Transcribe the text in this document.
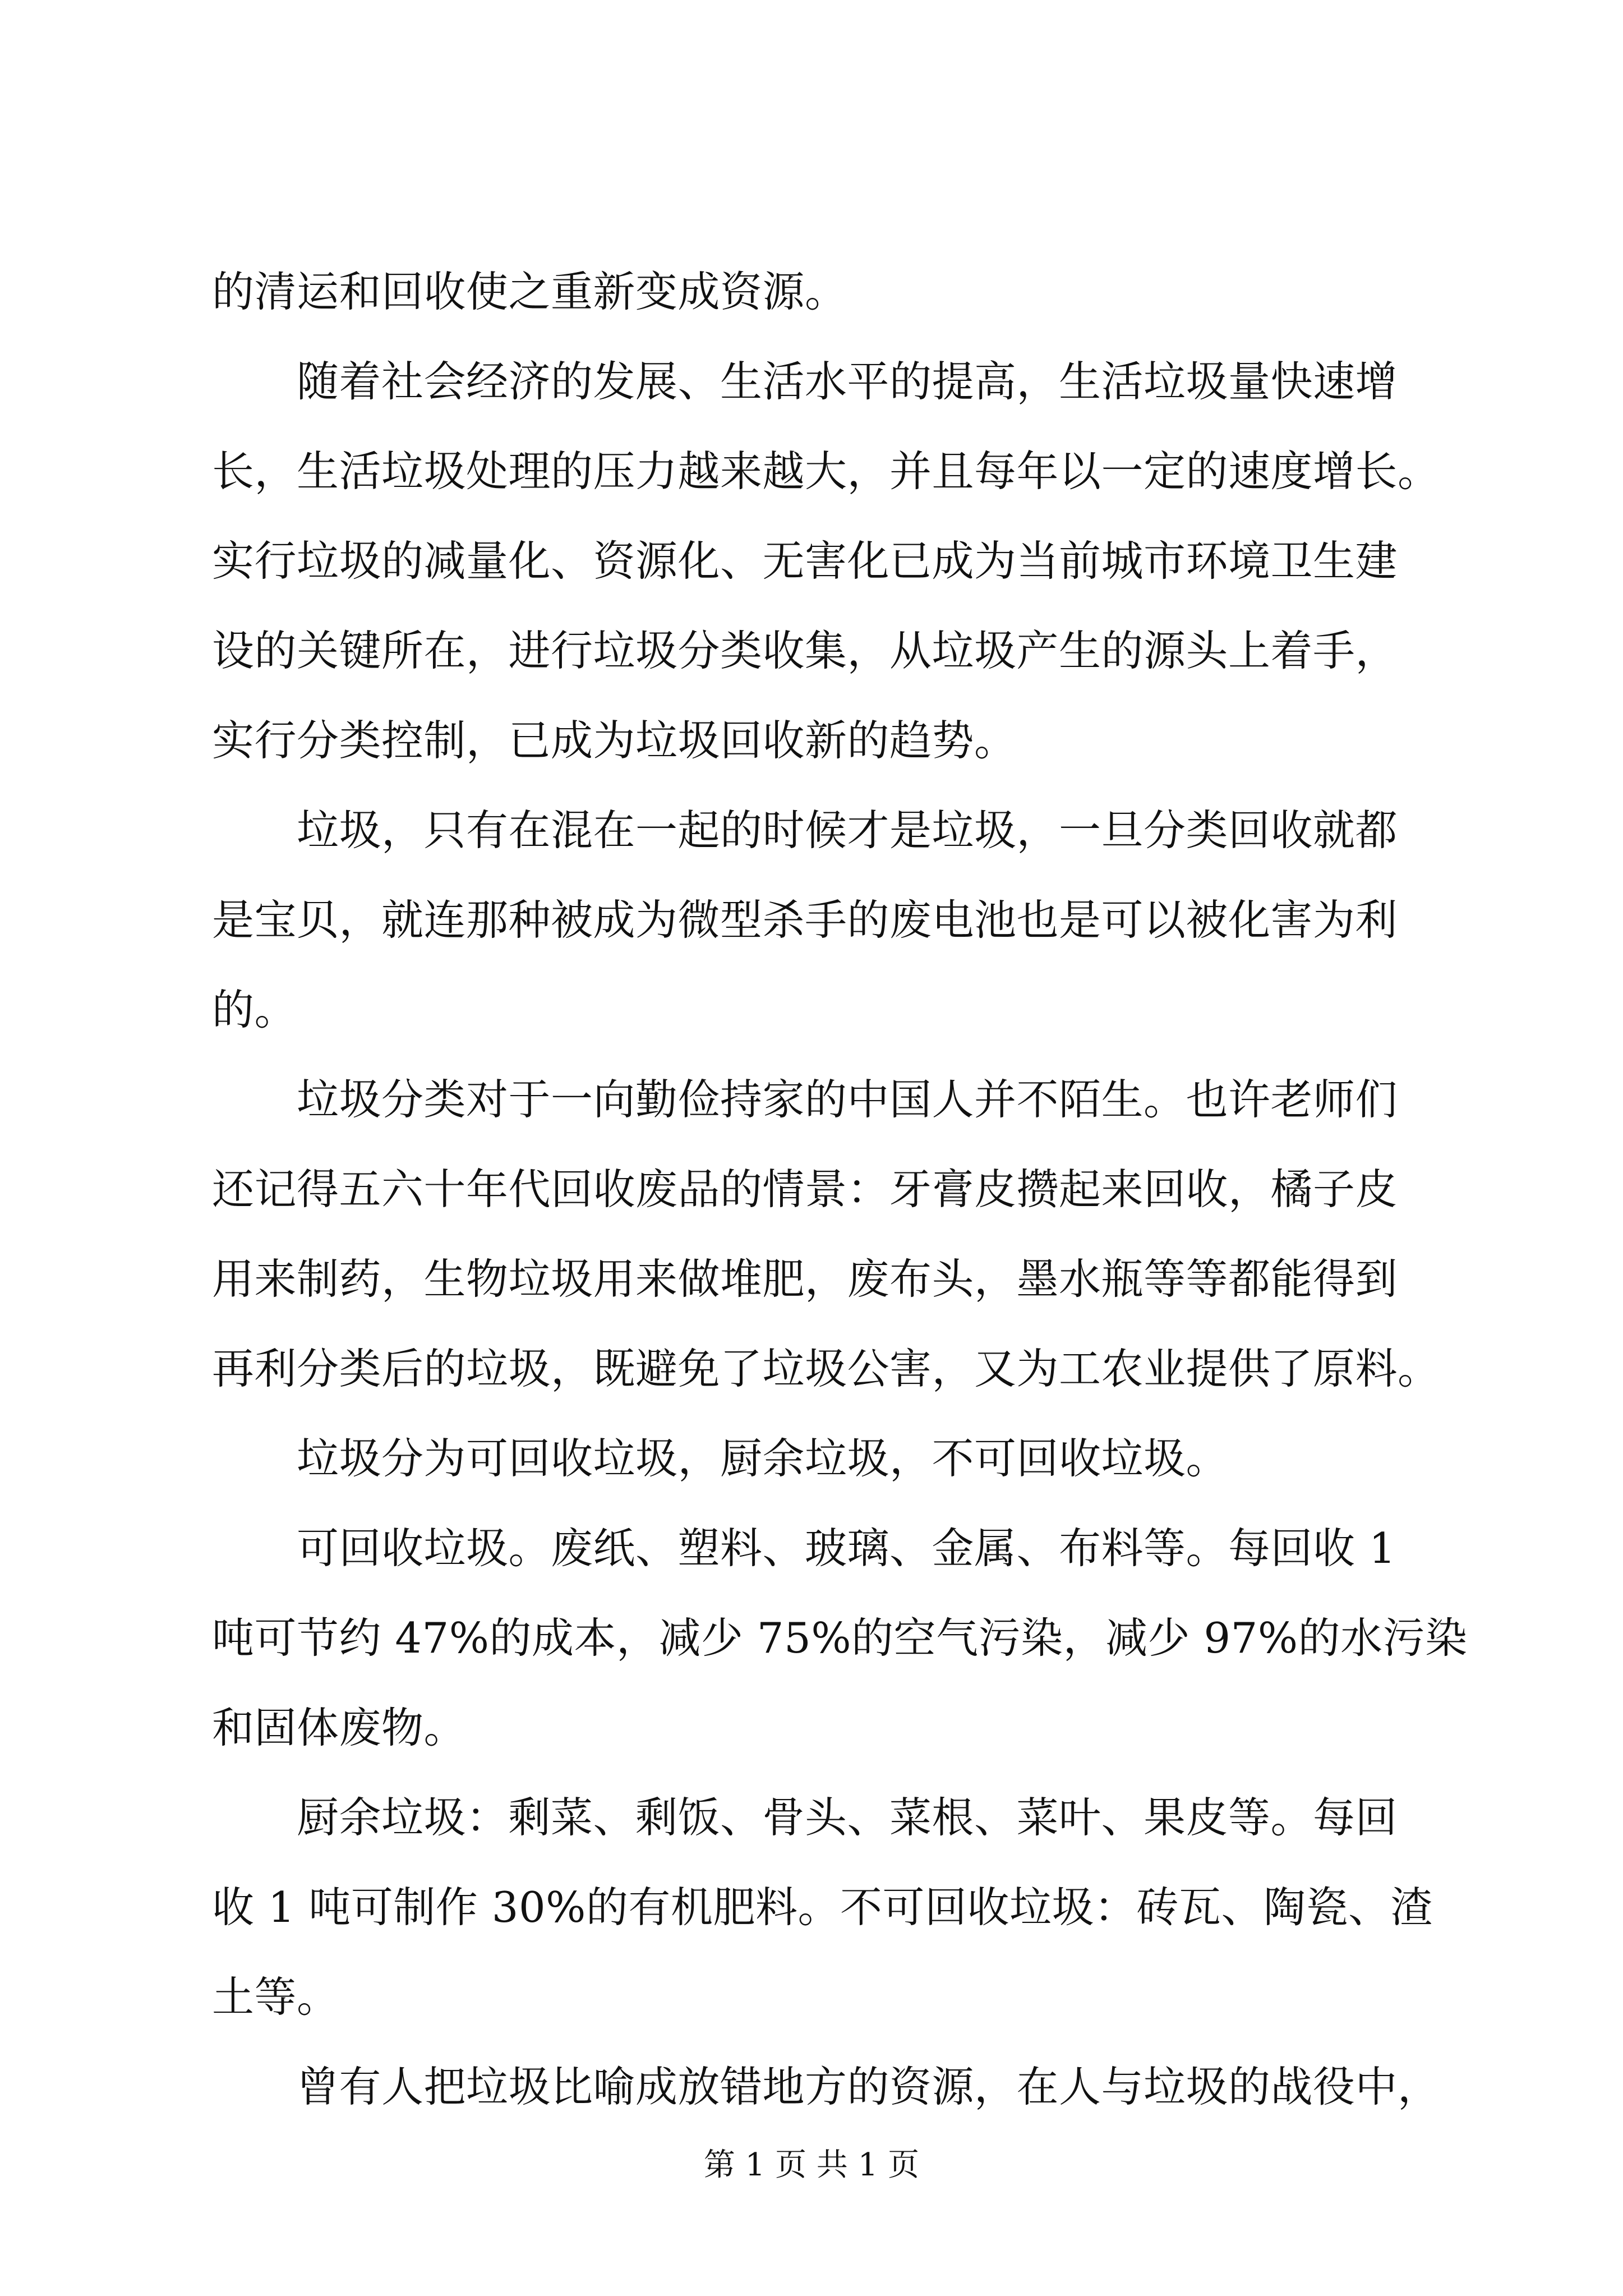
的清运和回收使之重新变成资源。
　　随着社会经济的发展、生活水平的提高，生活垃圾量快速增
长，生活垃圾处理的压力越来越大，并且每年以一定的速度增长。
实行垃圾的减量化、资源化、无害化已成为当前城市环境卫生建
设的关键所在，进行垃圾分类收集，从垃圾产生的源头上着手，
实行分类控制，已成为垃圾回收新的趋势。
　　垃圾，只有在混在一起的时候才是垃圾，一旦分类回收就都
是宝贝，就连那种被成为微型杀手的废电池也是可以被化害为利
的。
　　垃圾分类对于一向勤俭持家的中国人并不陌生。也许老师们
还记得五六十年代回收废品的情景：牙膏皮攒起来回收，橘子皮
用来制药，生物垃圾用来做堆肥，废布头，墨水瓶等等都能得到
再利分类后的垃圾，既避免了垃圾公害，又为工农业提供了原料。
　　垃圾分为可回收垃圾，厨余垃圾，不可回收垃圾。
　　可回收垃圾。废纸、塑料、玻璃、金属、布料等。每回收 1
吨可节约 47%的成本，减少 75%的空气污染，减少 97%的水污染
和固体废物。
　　厨余垃圾：剩菜、剩饭、骨头、菜根、菜叶、果皮等。每回
收 1 吨可制作 30%的有机肥料。不可回收垃圾：砖瓦、陶瓷、渣
土等。
　　曾有人把垃圾比喻成放错地方的资源，在人与垃圾的战役中，
第 1 页 共 1 页
